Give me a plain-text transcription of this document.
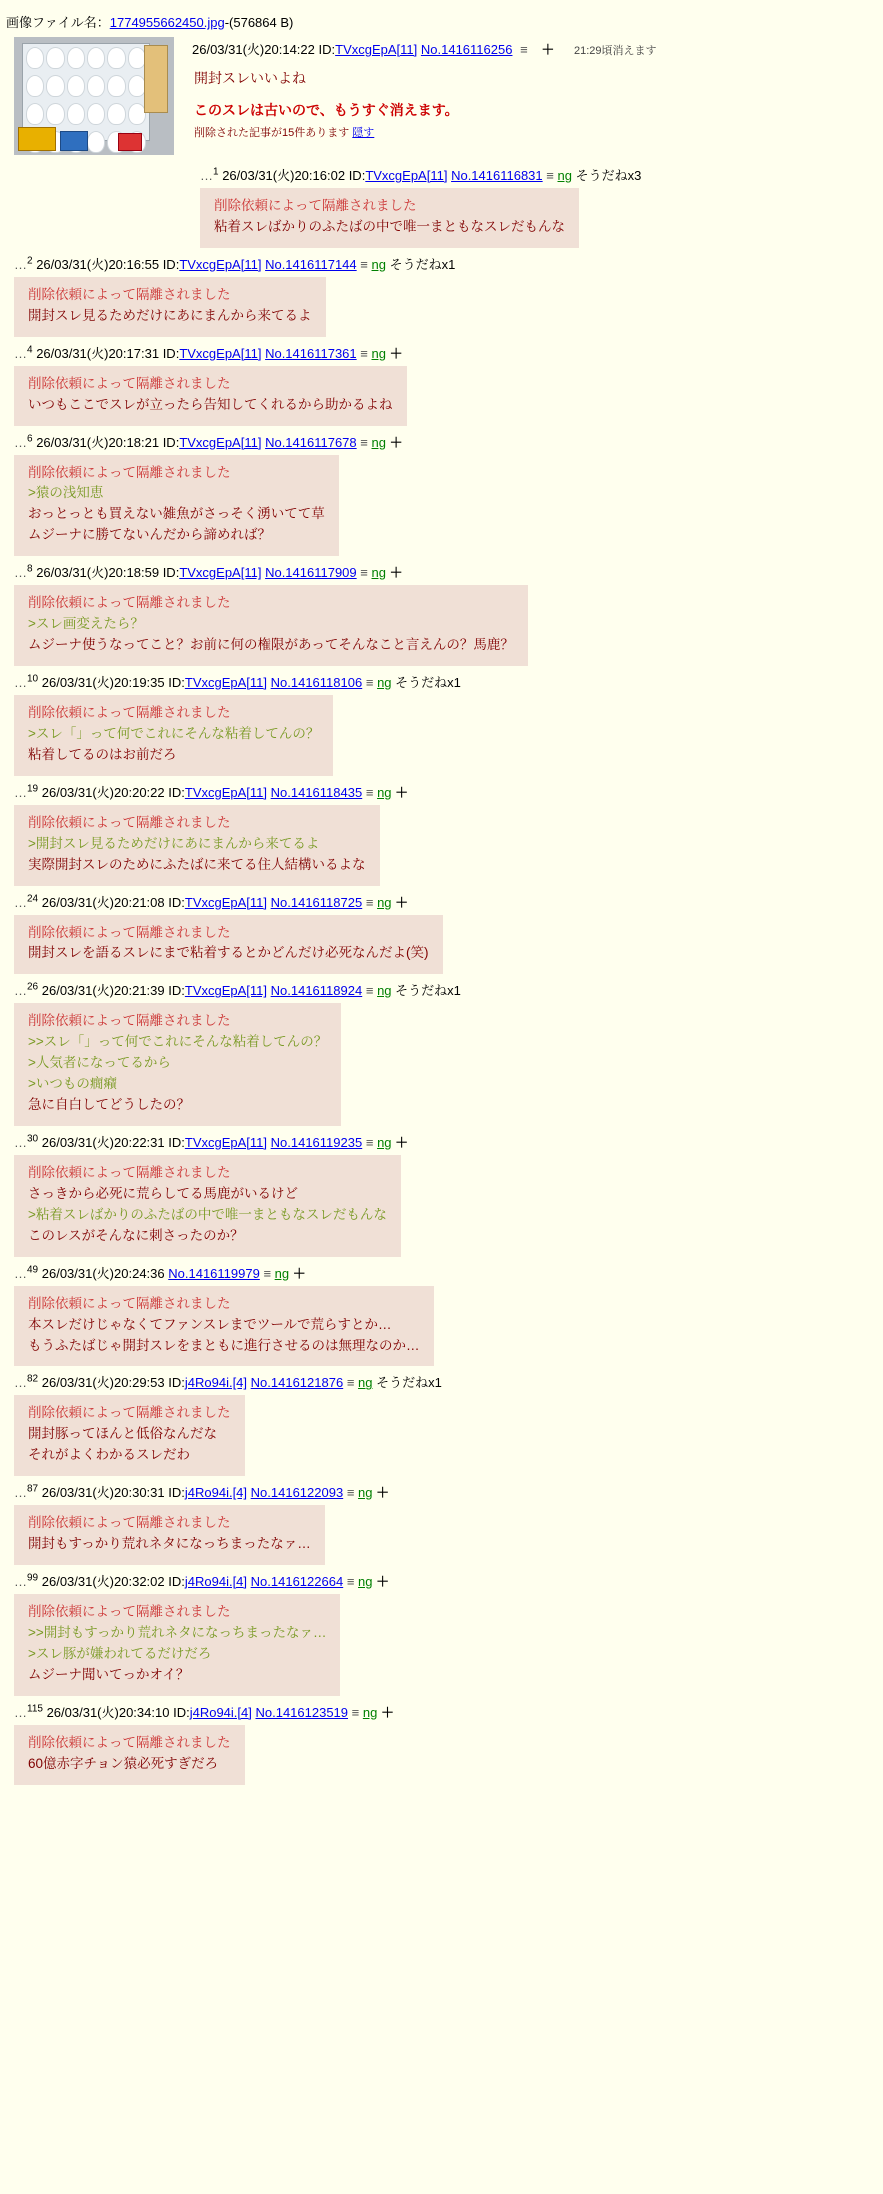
画像ファイル名：1774955662450.jpg-(576864 B)
26/03/31(火)20:14:22 ID:TVxcgEpA[11] No.1416116256 ≡ ＋ 21:29頃消えます
開封スレいいよね
このスレは古いので、もうすぐ消えます。
削除された記事が15件あります 隠す
…$^1$ 26/03/31(火)20:16:02 ID:TVxcgEpA[11] No.1416116831 ≡ ng そうだねx3
削除依頼によって隔離されました
粘着スレばかりのふたばの中で唯一まともなスレだもんな
…$^2$ 26/03/31(火)20:16:55 ID:TVxcgEpA[11] No.1416117144 ≡ ng そうだねx1
削除依頼によって隔離されました
開封スレ見るためだけにあにまんから来てるよ
…$^4$ 26/03/31(火)20:17:31 ID:TVxcgEpA[11] No.1416117361 ≡ ng ＋
削除依頼によって隔離されました
いつもここでスレが立ったら告知してくれるから助かるよね
…$^6$ 26/03/31(火)20:18:21 ID:TVxcgEpA[11] No.1416117678 ≡ ng ＋
削除依頼によって隔離されました
>猿の浅知恵
おっとっとも買えない雑魚がさっそく湧いてて草
ムジーナに勝てないんだから諦めれば？
…$^8$ 26/03/31(火)20:18:59 ID:TVxcgEpA[11] No.1416117909 ≡ ng ＋
削除依頼によって隔離されました
>スレ画変えたら？
ムジーナ使うなってこと？お前に何の権限があってそんなこと言えんの？馬鹿？
…$^{10}$ 26/03/31(火)20:19:35 ID:TVxcgEpA[11] No.1416118106 ≡ ng そうだねx1
削除依頼によって隔離されました
>スレ「」って何でこれにそんな粘着してんの？
粘着してるのはお前だろ
…$^{19}$ 26/03/31(火)20:20:22 ID:TVxcgEpA[11] No.1416118435 ≡ ng ＋
削除依頼によって隔離されました
>開封スレ見るためだけにあにまんから来てるよ
実際開封スレのためにふたばに来てる住人結構いるよな
…$^{24}$ 26/03/31(火)20:21:08 ID:TVxcgEpA[11] No.1416118725 ≡ ng ＋
削除依頼によって隔離されました
開封スレを語るスレにまで粘着するとかどんだけ必死なんだよ(笑)
…$^{26}$ 26/03/31(火)20:21:39 ID:TVxcgEpA[11] No.1416118924 ≡ ng そうだねx1
削除依頼によって隔離されました
>>スレ「」って何でこれにそんな粘着してんの？
>人気者になってるから
>いつもの癇癪
急に自白してどうしたの？
…$^{30}$ 26/03/31(火)20:22:31 ID:TVxcgEpA[11] No.1416119235 ≡ ng ＋
削除依頼によって隔離されました
さっきから必死に荒らしてる馬鹿がいるけど
>粘着スレばかりのふたばの中で唯一まともなスレだもんな
このレスがそんなに刺さったのか？
…$^{49}$ 26/03/31(火)20:24:36 No.1416119979 ≡ ng ＋
削除依頼によって隔離されました
本スレだけじゃなくてファンスレまでツールで荒らすとか…
もうふたばじゃ開封スレをまともに進行させるのは無理なのか…
…$^{82}$ 26/03/31(火)20:29:53 ID:j4Ro94i.[4] No.1416121876 ≡ ng そうだねx1
削除依頼によって隔離されました
開封豚ってほんと低俗なんだな
それがよくわかるスレだわ
…$^{87}$ 26/03/31(火)20:30:31 ID:j4Ro94i.[4] No.1416122093 ≡ ng ＋
削除依頼によって隔離されました
開封もすっかり荒れネタになっちまったなァ…
…$^{99}$ 26/03/31(火)20:32:02 ID:j4Ro94i.[4] No.1416122664 ≡ ng ＋
削除依頼によって隔離されました
>>開封もすっかり荒れネタになっちまったなァ…
>スレ豚が嫌われてるだけだろ
ムジーナ聞いてっかオイ？
…$^{115}$ 26/03/31(火)20:34:10 ID:j4Ro94i.[4] No.1416123519 ≡ ng ＋
削除依頼によって隔離されました
60億赤字チョン猿必死すぎだろ
